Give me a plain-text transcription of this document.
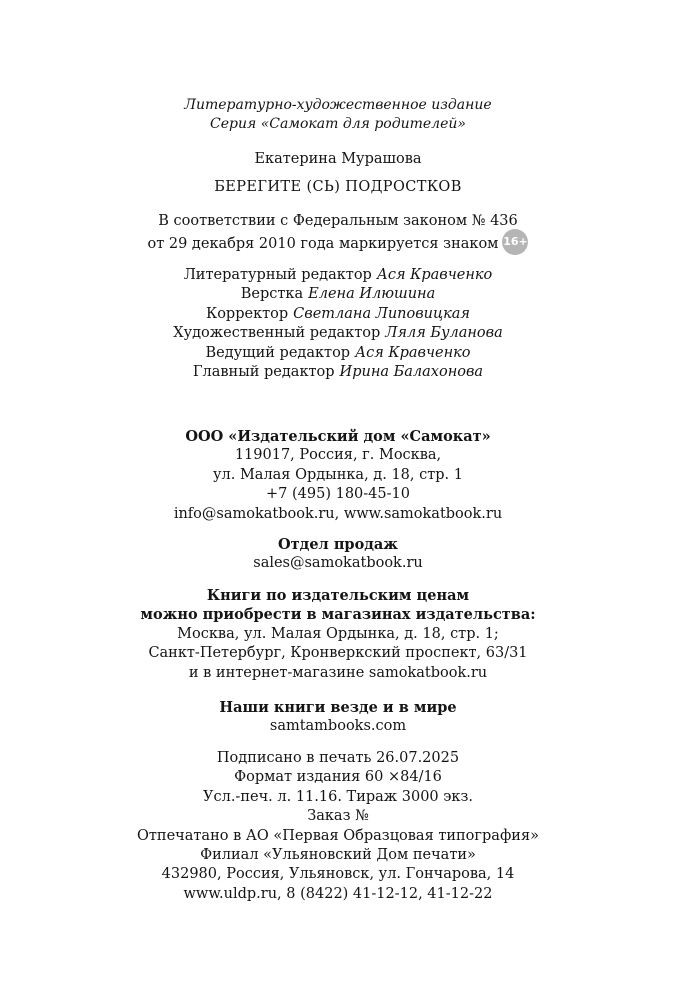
Литературно-художественное издание
Серия «Самокат для родителей»
Екатерина Мурашова
БЕРЕГИТЕ (СЬ) ПОДРОСТКОВ
В соответствии с Федеральным законом № 436
от 29 декабря 2010 года маркируется знаком 16+
Литературный редактор Ася Кравченко
Верстка Елена Илюшина
Корректор Светлана Липовицкая
Художественный редактор Ляля Буланова
Ведущий редактор Ася Кравченко
Главный редактор Ирина Балахонова
ООО «Издательский дом «Самокат»
119017, Россия, г. Москва,
ул. Малая Ордынка, д. 18, стр. 1
+7 (495) 180-45-10
info@samokatbook.ru, www.samokatbook.ru
Отдел продаж
sales@samokatbook.ru
Книги по издательским ценам
можно приобрести в магазинах издательства:
Москва, ул. Малая Ордынка, д. 18, стр. 1;
Санкт-Петербург, Кронверкский проспект, 63/31
и в интернет-магазине samokatbook.ru
Наши книги везде и в мире
samtambooks.com
Подписано в печать 26.07.2025
Формат издания 60 ×84/16
Усл.-печ. л. 11.16. Тираж 3000 экз.
Заказ №
Отпечатано в АО «Первая Образцовая типография»
Филиал «Ульяновский Дом печати»
432980, Россия, Ульяновск, ул. Гончарова, 14
www.uldp.ru, 8 (8422) 41-12-12, 41-12-22
